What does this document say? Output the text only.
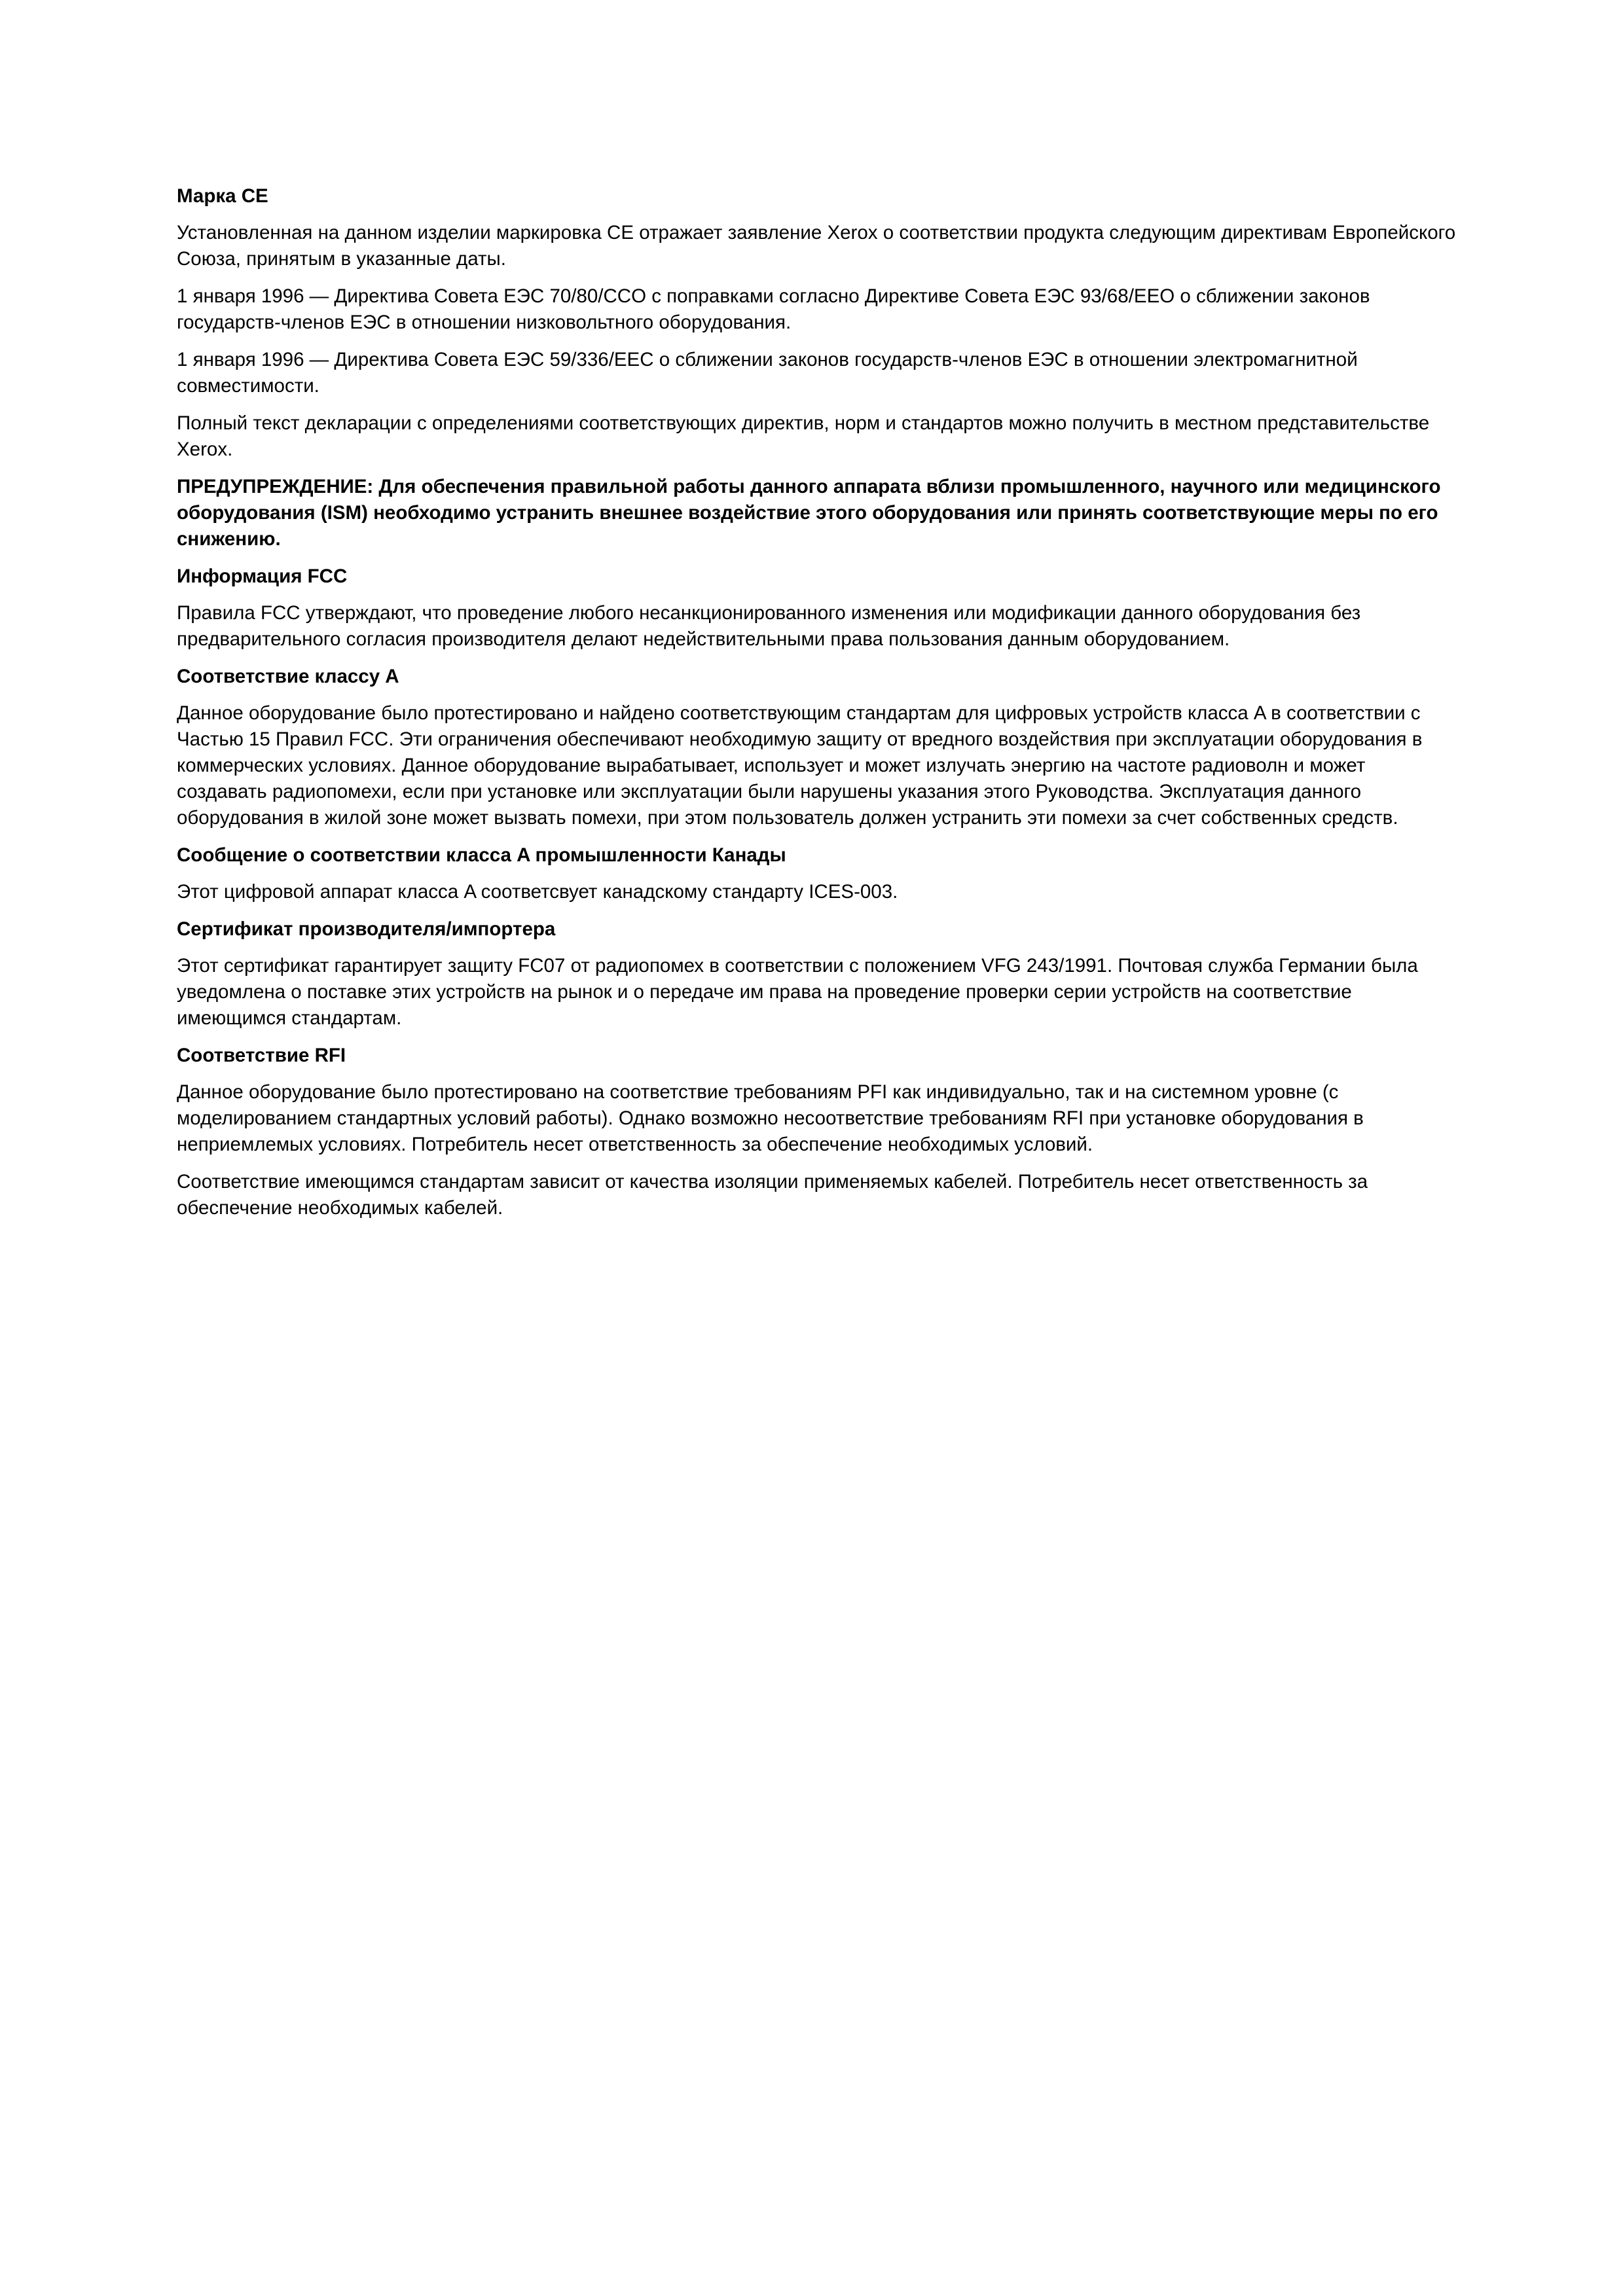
Марка CE

Установленная на данном изделии маркировка CE отражает заявление Xerox о соответствии продукта следующим директивам Европейского Союза, принятым в указанные даты.

1 января 1996 — Директива Совета ЕЭС 70/80/CCO с поправками согласно Директиве Совета ЕЭС 93/68/EEO о сближении законов государств-членов ЕЭС в отношении низковольтного оборудования.

1 января 1996 — Директива Совета ЕЭС 59/336/EEC о сближении законов государств-членов ЕЭС в отношении электромагнитной совместимости.

Полный текст декларации с определениями соответствующих директив, норм и стандартов можно получить в местном представительстве Xerox.

ПРЕДУПРЕЖДЕНИЕ: Для обеспечения правильной работы данного аппарата вблизи промышленного, научного или медицинского оборудования (ISM) необходимо устранить внешнее воздействие этого оборудования или принять соответствующие меры по его снижению.

Информация FCC

Правила FCC утверждают, что проведение любого несанкционированного изменения или модификации данного оборудования без предварительного согласия производителя делают недействительными права пользования данным оборудованием.

Соответствие классу A

Данное оборудование было протестировано и найдено соответствующим стандартам для цифровых устройств класса A в соответствии с Частью 15 Правил FCC. Эти ограничения обеспечивают необходимую защиту от вредного воздействия при эксплуатации оборудования в коммерческих условиях. Данное оборудование вырабатывает, использует и может излучать энергию на частоте радиоволн и может создавать радиопомехи, если при установке или эксплуатации были нарушены указания этого Руководства. Эксплуатация данного оборудования в жилой зоне может вызвать помехи, при этом пользователь должен устранить эти помехи за счет собственных средств.

Сообщение о соответствии класса A промышленности Канады

Этот цифровой аппарат класса A соответсвует канадскому стандарту ICES-003.

Сертификат производителя/импортера

Этот сертификат гарантирует защиту FC07 от радиопомех в соответствии с положением VFG 243/1991. Почтовая служба Германии была уведомлена о поставке этих устройств на рынок и о передаче им права на проведение проверки серии устройств на соответствие имеющимся стандартам.

Соответствие RFI

Данное оборудование было протестировано на соответствие требованиям PFI как индивидуально, так и на системном уровне (с моделированием стандартных условий работы). Однако возможно несоответствие требованиям RFI при установке оборудования в неприемлемых условиях. Потребитель несет ответственность за обеспечение необходимых условий.

Соответствие имеющимся стандартам зависит от качества изоляции применяемых кабелей. Потребитель несет ответственность за обеспечение необходимых кабелей.
